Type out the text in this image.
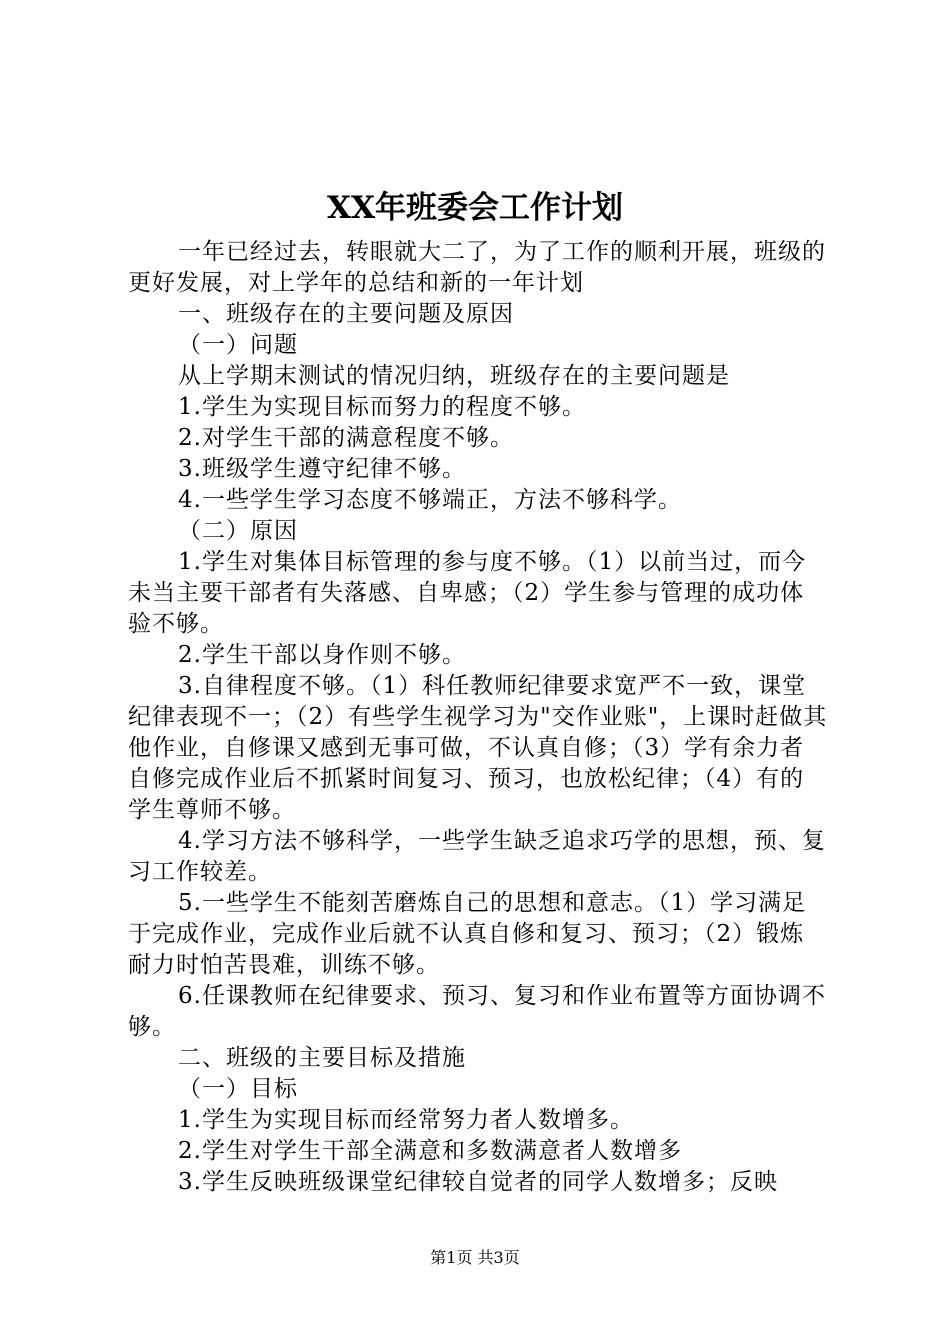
XX年班委会工作计划

一年已经过去，转眼就大二了，为了工作的顺利开展，班级的更好发展，对上学年的总结和新的一年计划

一、班级存在的主要问题及原因

（一）问题

从上学期末测试的情况归纳，班级存在的主要问题是

1.学生为实现目标而努力的程度不够。

2.对学生干部的满意程度不够。

3.班级学生遵守纪律不够。

4.一些学生学习态度不够端正，方法不够科学。

（二）原因

1.学生对集体目标管理的参与度不够。（1）以前当过，而今未当主要干部者有失落感、自卑感；（2）学生参与管理的成功体验不够。

2.学生干部以身作则不够。

3.自律程度不够。（1）科任教师纪律要求宽严不一致，课堂纪律表现不一；（2）有些学生视学习为"交作业账"，上课时赶做其他作业，自修课又感到无事可做，不认真自修；（3）学有余力者自修完成作业后不抓紧时间复习、预习，也放松纪律；（4）有的学生尊师不够。

4.学习方法不够科学，一些学生缺乏追求巧学的思想，预、复习工作较差。

5.一些学生不能刻苦磨炼自己的思想和意志。（1）学习满足于完成作业，完成作业后就不认真自修和复习、预习；（2）锻炼耐力时怕苦畏难，训练不够。

6.任课教师在纪律要求、预习、复习和作业布置等方面协调不够。

二、班级的主要目标及措施

（一）目标

1.学生为实现目标而经常努力者人数增多。

2.学生对学生干部全满意和多数满意者人数增多

3.学生反映班级课堂纪律较自觉者的同学人数增多；反映

第1页 共3页
